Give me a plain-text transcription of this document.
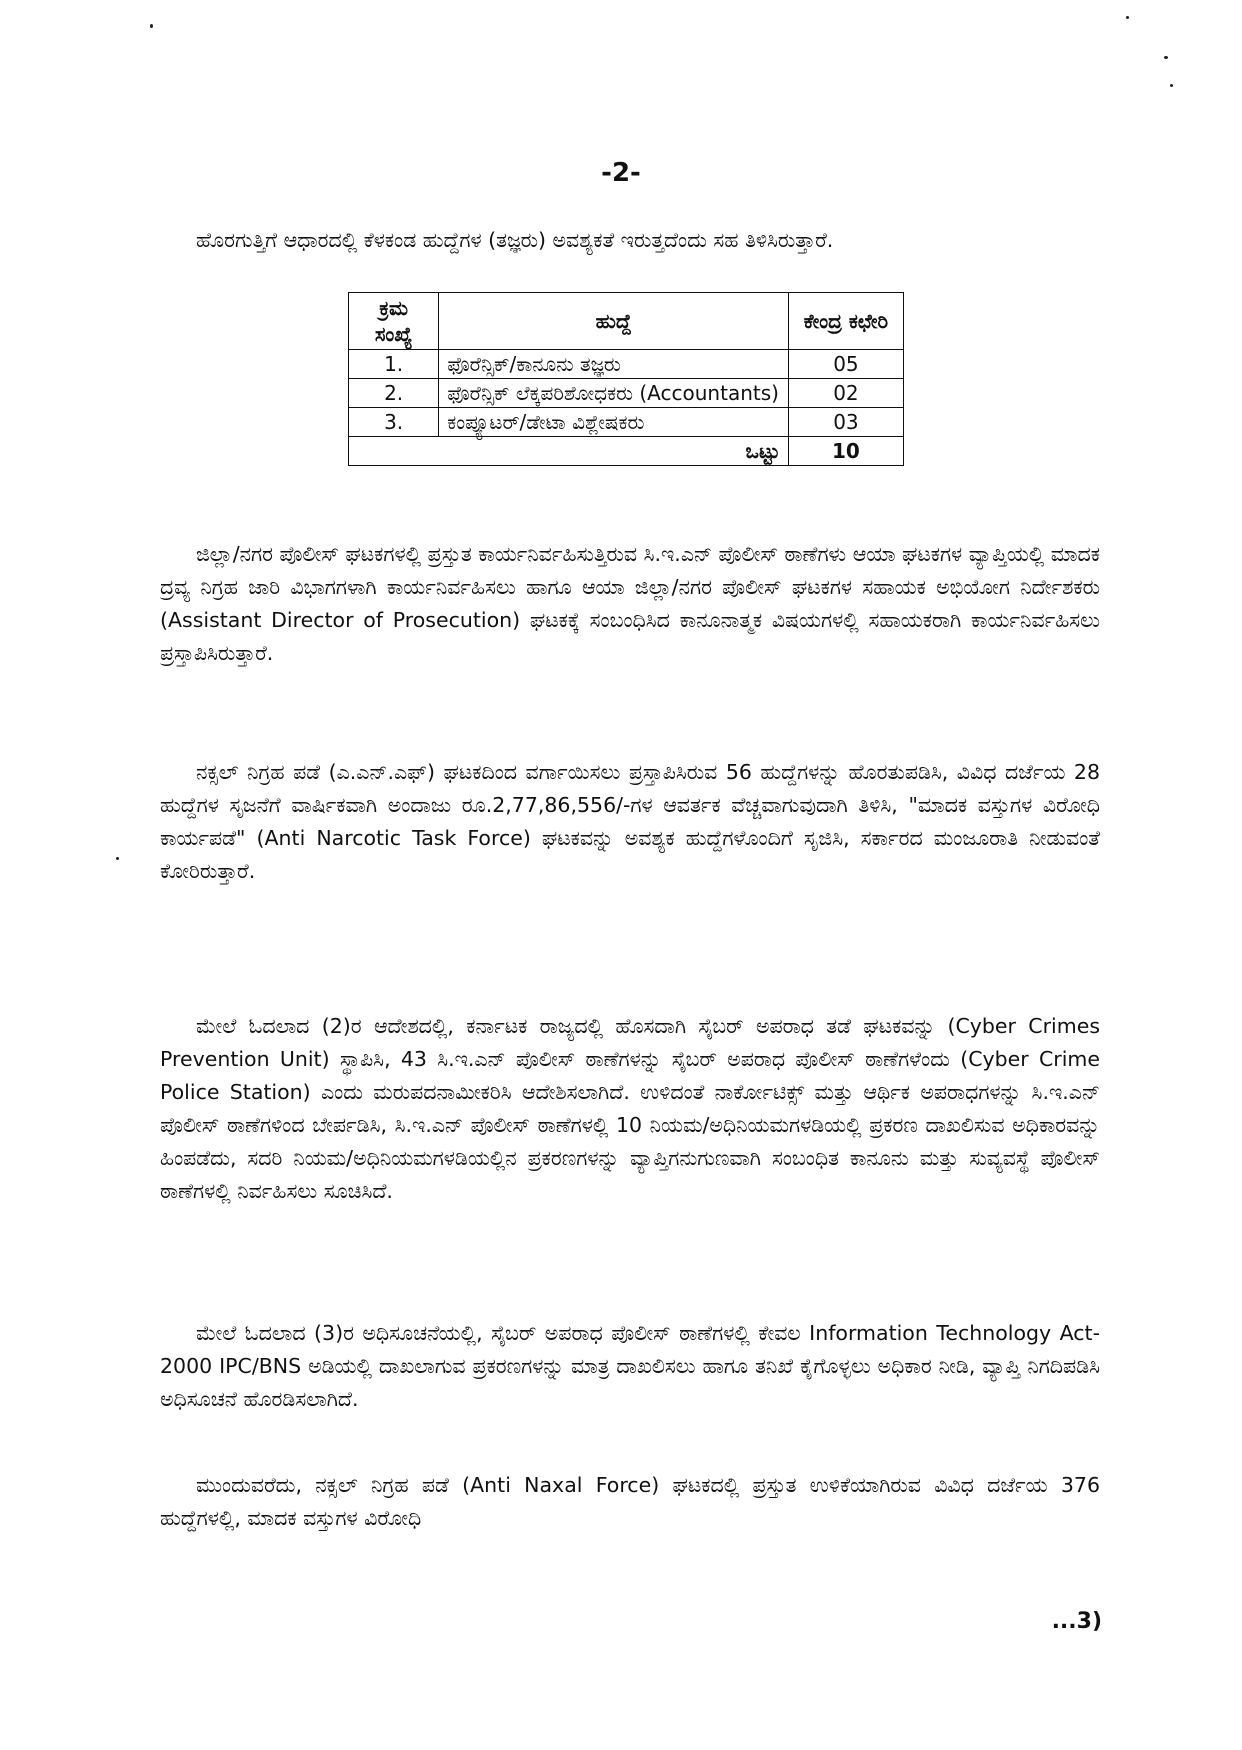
-2-

ಹೊರಗುತ್ತಿಗೆ ಆಧಾರದಲ್ಲಿ ಕೆಳಕಂಡ ಹುದ್ದೆಗಳ (ತಜ್ಞರು) ಅವಶ್ಯಕತೆ ಇರುತ್ತದೆಂದು ಸಹ ತಿಳಿಸಿರುತ್ತಾರೆ.

ಕ್ರಮ ಸಂಖ್ಯೆ	ಹುದ್ದೆ	ಕೇಂದ್ರ ಕಛೇರಿ
1.	ಫೊರೆನ್ಸಿಕ್/ಕಾನೂನು ತಜ್ಞರು	05
2.	ಫೊರೆನ್ಸಿಕ್ ಲೆಕ್ಕಪರಿಶೋಧಕರು (Accountants)	02
3.	ಕಂಪ್ಯೂಟರ್/ಡೇಟಾ ವಿಶ್ಲೇಷಕರು	03
ಒಟ್ಟು		10

ಜಿಲ್ಲಾ/ನಗರ ಪೊಲೀಸ್ ಘಟಕಗಳಲ್ಲಿ ಪ್ರಸ್ತುತ ಕಾರ್ಯನಿರ್ವಹಿಸುತ್ತಿರುವ ಸಿ.ಇ.ಎನ್ ಪೊಲೀಸ್ ಠಾಣೆಗಳು ಆಯಾ ಘಟಕಗಳ ವ್ಯಾಪ್ತಿಯಲ್ಲಿ ಮಾದಕ ದ್ರವ್ಯ ನಿಗ್ರಹ ಜಾರಿ ವಿಭಾಗಗಳಾಗಿ ಕಾರ್ಯನಿರ್ವಹಿಸಲು ಹಾಗೂ ಆಯಾ ಜಿಲ್ಲಾ/ನಗರ ಪೊಲೀಸ್ ಘಟಕಗಳ ಸಹಾಯಕ ಅಭಿಯೋಗ ನಿರ್ದೇಶಕರು (Assistant Director of Prosecution) ಘಟಕಕ್ಕೆ ಸಂಬಂಧಿಸಿದ ಕಾನೂನಾತ್ಮಕ ವಿಷಯಗಳಲ್ಲಿ ಸಹಾಯಕರಾಗಿ ಕಾರ್ಯನಿರ್ವಹಿಸಲು ಪ್ರಸ್ತಾಪಿಸಿರುತ್ತಾರೆ.

ನಕ್ಸಲ್ ನಿಗ್ರಹ ಪಡೆ (ಎ.ಎನ್.ಎಫ್) ಘಟಕದಿಂದ ವರ್ಗಾಯಿಸಲು ಪ್ರಸ್ತಾಪಿಸಿರುವ 56 ಹುದ್ದೆಗಳನ್ನು ಹೊರತುಪಡಿಸಿ, ವಿವಿಧ ದರ್ಜೆಯ 28 ಹುದ್ದೆಗಳ ಸೃಜನೆಗೆ ವಾರ್ಷಿಕವಾಗಿ ಅಂದಾಜು ರೂ.2,77,86,556/-ಗಳ ಆವರ್ತಕ ವೆಚ್ಚವಾಗುವುದಾಗಿ ತಿಳಿಸಿ, "ಮಾದಕ ವಸ್ತುಗಳ ವಿರೋಧಿ ಕಾರ್ಯಪಡೆ" (Anti Narcotic Task Force) ಘಟಕವನ್ನು ಅವಶ್ಯಕ ಹುದ್ದೆಗಳೊಂದಿಗೆ ಸೃಜಿಸಿ, ಸರ್ಕಾರದ ಮಂಜೂರಾತಿ ನೀಡುವಂತೆ ಕೋರಿರುತ್ತಾರೆ.

ಮೇಲೆ ಓದಲಾದ (2)ರ ಆದೇಶದಲ್ಲಿ, ಕರ್ನಾಟಕ ರಾಜ್ಯದಲ್ಲಿ ಹೊಸದಾಗಿ ಸೈಬರ್ ಅಪರಾಧ ತಡೆ ಘಟಕವನ್ನು (Cyber Crimes Prevention Unit) ಸ್ಥಾಪಿಸಿ, 43 ಸಿ.ಇ.ಎನ್ ಪೊಲೀಸ್ ಠಾಣೆಗಳನ್ನು ಸೈಬರ್ ಅಪರಾಧ ಪೊಲೀಸ್ ಠಾಣೆಗಳೆಂದು (Cyber Crime Police Station) ಎಂದು ಮರುಪದನಾಮೀಕರಿಸಿ ಆದೇಶಿಸಲಾಗಿದೆ. ಉಳಿದಂತೆ ನಾರ್ಕೋಟಿಕ್ಸ್ ಮತ್ತು ಆರ್ಥಿಕ ಅಪರಾಧಗಳನ್ನು ಸಿ.ಇ.ಎನ್ ಪೊಲೀಸ್ ಠಾಣೆಗಳಿಂದ ಬೇರ್ಪಡಿಸಿ, ಸಿ.ಇ.ಎನ್ ಪೊಲೀಸ್ ಠಾಣೆಗಳಲ್ಲಿ 10 ನಿಯಮ/ಅಧಿನಿಯಮಗಳಡಿಯಲ್ಲಿ ಪ್ರಕರಣ ದಾಖಲಿಸುವ ಅಧಿಕಾರವನ್ನು ಹಿಂಪಡೆದು, ಸದರಿ ನಿಯಮ/ಅಧಿನಿಯಮಗಳಡಿಯಲ್ಲಿನ ಪ್ರಕರಣಗಳನ್ನು ವ್ಯಾಪ್ತಿಗನುಗುಣವಾಗಿ ಸಂಬಂಧಿತ ಕಾನೂನು ಮತ್ತು ಸುವ್ಯವಸ್ಥೆ ಪೊಲೀಸ್ ಠಾಣೆಗಳಲ್ಲಿ ನಿರ್ವಹಿಸಲು ಸೂಚಿಸಿದೆ.

ಮೇಲೆ ಓದಲಾದ (3)ರ ಅಧಿಸೂಚನೆಯಲ್ಲಿ, ಸೈಬರ್ ಅಪರಾಧ ಪೊಲೀಸ್ ಠಾಣೆಗಳಲ್ಲಿ ಕೇವಲ Information Technology Act-2000 IPC/BNS ಅಡಿಯಲ್ಲಿ ದಾಖಲಾಗುವ ಪ್ರಕರಣಗಳನ್ನು ಮಾತ್ರ ದಾಖಲಿಸಲು ಹಾಗೂ ತನಿಖೆ ಕೈಗೊಳ್ಳಲು ಅಧಿಕಾರ ನೀಡಿ, ವ್ಯಾಪ್ತಿ ನಿಗದಿಪಡಿಸಿ ಅಧಿಸೂಚನೆ ಹೊರಡಿಸಲಾಗಿದೆ.

ಮುಂದುವರೆದು, ನಕ್ಸಲ್ ನಿಗ್ರಹ ಪಡೆ (Anti Naxal Force) ಘಟಕದಲ್ಲಿ ಪ್ರಸ್ತುತ ಉಳಿಕೆಯಾಗಿರುವ ವಿವಿಧ ದರ್ಜೆಯ 376 ಹುದ್ದೆಗಳಲ್ಲಿ, ಮಾದಕ ವಸ್ತುಗಳ ವಿರೋಧಿ

...3)
